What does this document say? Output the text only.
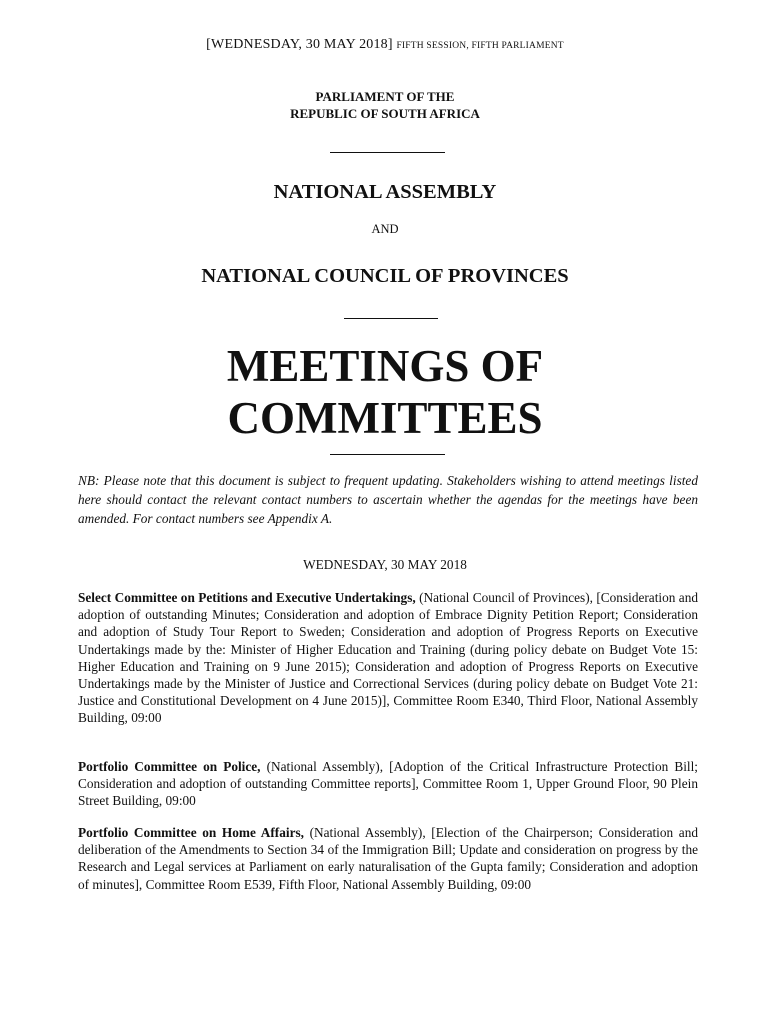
[WEDNESDAY, 30 MAY 2018] FIFTH SESSION, FIFTH PARLIAMENT
PARLIAMENT OF THE
REPUBLIC OF SOUTH AFRICA
NATIONAL ASSEMBLY
AND
NATIONAL COUNCIL OF PROVINCES
MEETINGS OF
COMMITTEES
NB: Please note that this document is subject to frequent updating. Stakeholders wishing to attend meetings listed here should contact the relevant contact numbers to ascertain whether the agendas for the meetings have been amended. For contact numbers see Appendix A.
WEDNESDAY, 30 MAY 2018
Select Committee on Petitions and Executive Undertakings, (National Council of Provinces), [Consideration and adoption of outstanding Minutes; Consideration and adoption of Embrace Dignity Petition Report; Consideration and adoption of Study Tour Report to Sweden; Consideration and adoption of Progress Reports on Executive Undertakings made by the: Minister of Higher Education and Training (during policy debate on Budget Vote 15: Higher Education and Training on 9 June 2015); Consideration and adoption of Progress Reports on Executive Undertakings made by the Minister of Justice and Correctional Services (during policy debate on Budget Vote 21: Justice and Constitutional Development on 4 June 2015)], Committee Room E340, Third Floor, National Assembly Building, 09:00
Portfolio Committee on Police, (National Assembly), [Adoption of the Critical Infrastructure Protection Bill; Consideration and adoption of outstanding Committee reports], Committee Room 1, Upper Ground Floor, 90 Plein Street Building, 09:00
Portfolio Committee on Home Affairs, (National Assembly), [Election of the Chairperson; Consideration and deliberation of the Amendments to Section 34 of the Immigration Bill; Update and consideration on progress by the Research and Legal services at Parliament on early naturalisation of the Gupta family; Consideration and adoption of minutes], Committee Room E539, Fifth Floor, National Assembly Building, 09:00
